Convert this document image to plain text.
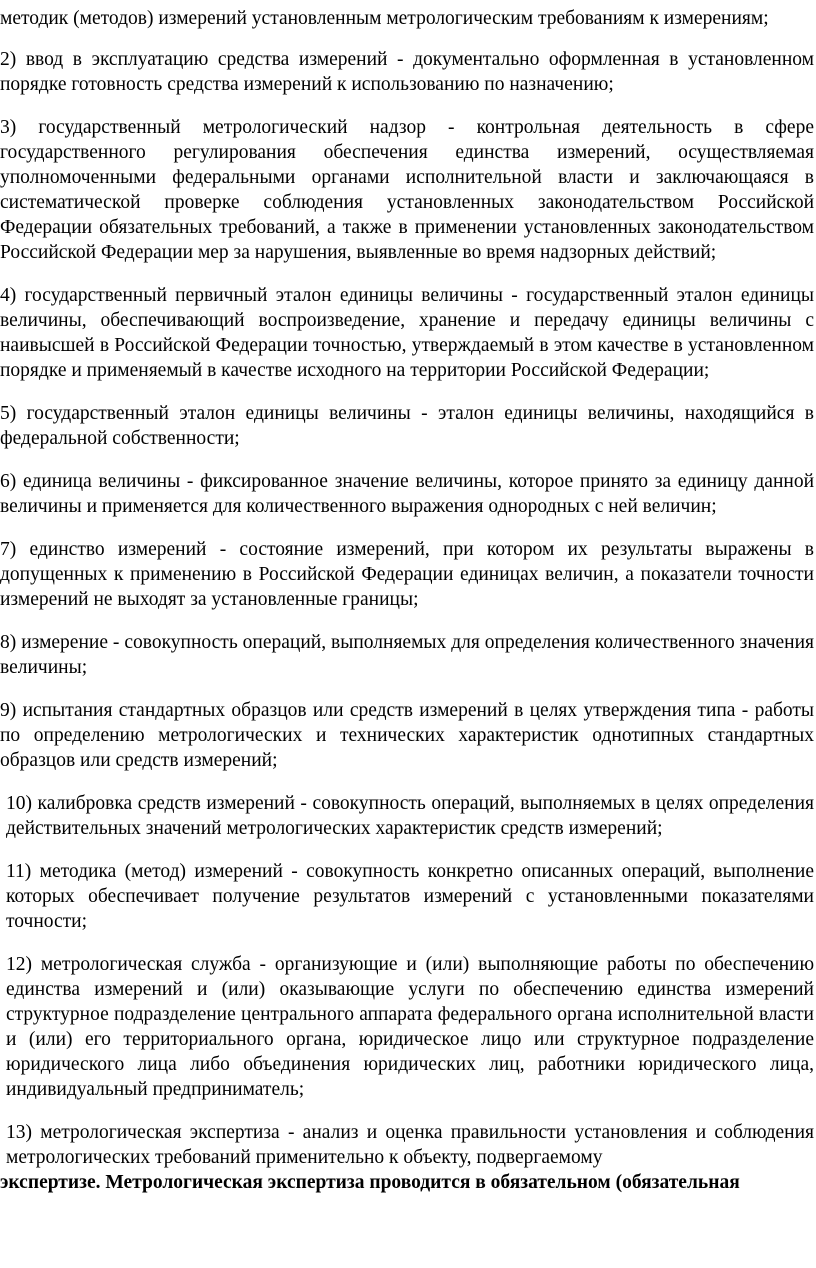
методик (методов) измерений установленным метрологическим требованиям к измерениям;

2) ввод в эксплуатацию средства измерений - документально оформленная в установленном порядке готовность средства измерений к использованию по назначению;

3) государственный метрологический надзор - контрольная деятельность в сфере государственного регулирования обеспечения единства измерений, осуществляемая уполномоченными федеральными органами исполнительной власти и заключающаяся в систематической проверке соблюдения установленных законодательством Российской Федерации обязательных требований, а также в применении установленных законодательством Российской Федерации мер за нарушения, выявленные во время надзорных действий;

4) государственный первичный эталон единицы величины - государственный эталон единицы величины, обеспечивающий воспроизведение, хранение и передачу единицы величины с наивысшей в Российской Федерации точностью, утверждаемый в этом качестве в установленном порядке и применяемый в качестве исходного на территории Российской Федерации;

5) государственный эталон единицы величины - эталон единицы величины, находящийся в федеральной собственности;

6) единица величины - фиксированное значение величины, которое принято за единицу данной величины и применяется для количественного выражения однородных с ней величин;

7) единство измерений - состояние измерений, при котором их результаты выражены в допущенных к применению в Российской Федерации единицах величин, а показатели точности измерений не выходят за установленные границы;

8) измерение - совокупность операций, выполняемых для определения количественного значения величины;

9) испытания стандартных образцов или средств измерений в целях утверждения типа - работы по определению метрологических и технических характеристик однотипных стандартных образцов или средств измерений;

10) калибровка средств измерений - совокупность операций, выполняемых в целях определения действительных значений метрологических характеристик средств измерений;

11) методика (метод) измерений - совокупность конкретно описанных операций, выполнение которых обеспечивает получение результатов измерений с установленными показателями точности;

12) метрологическая служба - организующие и (или) выполняющие работы по обеспечению единства измерений и (или) оказывающие услуги по обеспечению единства измерений структурное подразделение центрального аппарата федерального органа исполнительной власти и (или) его территориального органа, юридическое лицо или структурное подразделение юридического лица либо объединения юридических лиц, работники юридического лица, индивидуальный предприниматель;

13) метрологическая экспертиза - анализ и оценка правильности установления и соблюдения метрологических требований применительно к объекту, подвергаемому

экспертизе. Метрологическая экспертиза проводится в обязательном (обязательная
